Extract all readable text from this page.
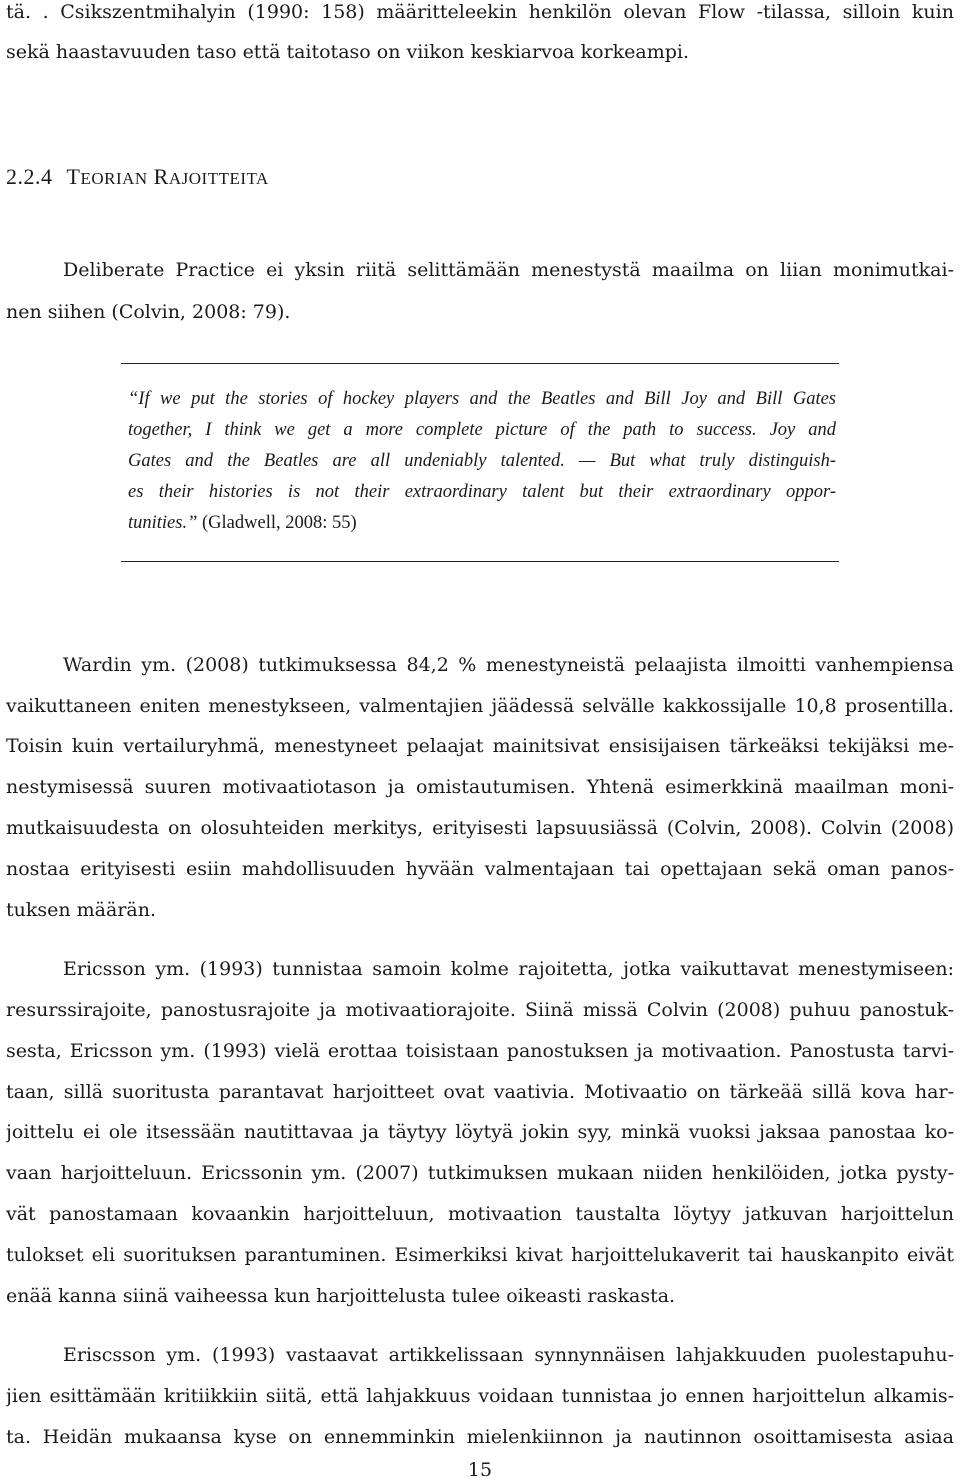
tä. . Csikszentmihalyin (1990: 158) määritteleekin henkilön olevan Flow -tilassa, silloin kuin
sekä haastavuuden taso että taitotaso on viikon keskiarvoa korkeampi.
2.2.4 TEORIAN RAJOITTEITA
Deliberate Practice ei yksin riitä selittämään menestystä maailma on liian monimutkai-
nen siihen (Colvin, 2008: 79).
“If we put the stories of hockey players and the Beatles and Bill Joy and Bill Gates
together, I think we get a more complete picture of the path to success. Joy and
Gates and the Beatles are all undeniably talented. — But what truly distinguish-
es their histories is not their extraordinary talent but their extraordinary oppor-
tunities.” (Gladwell, 2008: 55)
Wardin ym. (2008) tutkimuksessa 84,2 % menestyneistä pelaajista ilmoitti vanhempiensa
vaikuttaneen eniten menestykseen, valmentajien jäädessä selvälle kakkossijalle 10,8 prosentilla.
Toisin kuin vertailuryhmä, menestyneet pelaajat mainitsivat ensisijaisen tärkeäksi tekijäksi me-
nestymisessä suuren motivaatiotason ja omistautumisen. Yhtenä esimerkkinä maailman moni-
mutkaisuudesta on olosuhteiden merkitys, erityisesti lapsuusiässä (Colvin, 2008). Colvin (2008)
nostaa erityisesti esiin mahdollisuuden hyvään valmentajaan tai opettajaan sekä oman panos-
tuksen määrän.
Ericsson ym. (1993) tunnistaa samoin kolme rajoitetta, jotka vaikuttavat menestymiseen:
resurssirajoite, panostusrajoite ja motivaatiorajoite. Siinä missä Colvin (2008) puhuu panostuk-
sesta, Ericsson ym. (1993) vielä erottaa toisistaan panostuksen ja motivaation. Panostusta tarvi-
taan, sillä suoritusta parantavat harjoitteet ovat vaativia. Motivaatio on tärkeää sillä kova har-
joittelu ei ole itsessään nautittavaa ja täytyy löytyä jokin syy, minkä vuoksi jaksaa panostaa ko-
vaan harjoitteluun. Ericssonin ym. (2007) tutkimuksen mukaan niiden henkilöiden, jotka pysty-
vät panostamaan kovaankin harjoitteluun, motivaation taustalta löytyy jatkuvan harjoittelun
tulokset eli suorituksen parantuminen. Esimerkiksi kivat harjoittelukaverit tai hauskanpito eivät
enää kanna siinä vaiheessa kun harjoittelusta tulee oikeasti raskasta.
Eriscsson ym. (1993) vastaavat artikkelissaan synnynnäisen lahjakkuuden puolestapuhu-
jien esittämään kritiikkiin siitä, että lahjakkuus voidaan tunnistaa jo ennen harjoittelun alkamis-
ta. Heidän mukaansa kyse on ennemminkin mielenkiinnon ja nautinnon osoittamisesta asiaa
15
